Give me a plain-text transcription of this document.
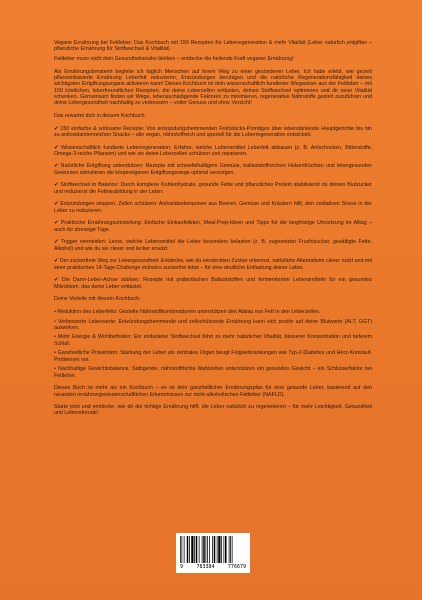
Vegane Ernährung bei Fettleber: Das Kochbuch mit 150 Rezepten für Leberregeneration & mehr Vitalität (Leber natürlich entgiften – pflanzliche Ernährung für Stoffwechsel & Vitalität)

Fettleber muss nicht dein Gesundheitsrisiko bleiben – entdecke die heilende Kraft veganer Ernährung!

Als Ernährungsberaterin begleite ich täglich Menschen auf ihrem Weg zu einer gesünderen Leber. Ich habe erlebt, wie gezielt pflanzenbasierte Ernährung Leberfett reduzieren, Entzündungen beruhigen und die natürliche Regenerationsfähigkeit deines wichtigsten Entgiftungsorgans aktivieren kann! Dieses Kochbuch ist dein wissenschaftlich fundierter Wegweiser aus der Fettleber – mit 150 köstlichen, leberfreundlichen Rezepten, die deine Leberzellen entlasten, deinen Stoffwechsel optimieren und dir neue Vitalität schenken. Gemeinsam finden wir Wege, lebensschädigende Faktoren zu minimieren, regenerative Nährstoffe gezielt zuzuführen und deine Lebergesundheit nachhaltig zu verbessern – voller Genuss und ohne Verzicht!

Das erwartet dich in diesem Kochbuch:

✔ 150 einfache & wirksame Rezepte: Von entzündungshemmenden Frühstücks-Porridges über leberstärkende Hauptgerichte bis hin zu antioxidantienreichen Snacks – alle vegan, nährstoffreich und speziell für die Leberregeneration entwickelt.

✔ Wissenschaftlich fundierte Leberregeneration: Erfahre, welche Lebensmittel Leberfett abbauen (z. B. Artischocken, Bitterstoffe, Omega-3-reiche Pflanzen) und wie sie deine Leberzellen schützen und reparieren.

✔ Natürliche Entgiftung unterstützen: Rezepte mit schwefelhaltigem Gemüse, ballaststoffreichen Hülsenfrüchten und lebergesunden Gewürzen stimulieren die körpereigenen Entgiftungswege optimal versorgen.

✔ Stoffwechsel in Balance: Durch komplexe Kohlenhydrate, gesunde Fette und pflanzliches Protein stabilisierst du deinen Blutzucker und reduzierst die Fettneubildung in der Leber.

✔ Entzündungen stoppen, Zellen schützen: Antioxidantienpower aus Beeren, Gemüse und Kräutern hilft, den oxidativen Stress in der Leber zu reduzieren.

✔ Praktische Ernährungsumstellung: Einfache Einkaufslisten, Meal-Prep-Ideen und Tipps für die langfristige Umsetzung im Alltag – auch für stressige Tage.

✔ Trigger vermeiden: Lerne, welche Lebensmittel die Leber besonders belasten (z. B. zugesetzter Fruchtzucker, gesättigte Fette, Alkohol) und wie du sie clever und lecker ersetzt.

✔ Der zuckerfreie Weg zur Lebergesundheit: Entdecke, wie du versteckten Zucker erkennst, natürliche Alternativen clever nutzt und mit einer praktischen 14-Tage Challenge mühelos zuckerfrei lebst – für eine deutliche Entlastung deiner Leber.

✔ Die Darm-Leber-Achse stärken: Rezepte mit präbiotischen Ballaststoffen und fermentierten Lebensmitteln für ein gesundes Mikrobiom, das deine Leber entlastet.

Deine Vorteile mit diesem Kochbuch:

• Reduktion des Leberfetts: Gezielte Nährstoffkombinationen unterstützen den Abbau von Fett in den Leberzellen.

• Verbesserte Leberwerte: Entzündungshemmende und zellschützende Ernährung kann sich positiv auf deine Blutwerte (ALT, GGT) auswirken.

• Mehr Energie & Wohlbefinden: Ein entlasteter Stoffwechsel führt zu mehr natürlicher Vitalität, besserer Konzentration und tieferem Schlaf.

• Ganzheitliche Prävention: Stärkung der Leber als zentrales Organ beugt Folgeerkrankungen wie Typ-2-Diabetes und Herz-Kreislauf-Problemen vor.

• Nachhaltige Gewichtsbalance: Sättigende, nährstoffdichte Mahlzeiten unterstützen ein gesundes Gewicht – ein Schlüsselfaktor bei Fettleber.

Dieses Buch ist mehr als ein Kochbuch – es ist dein ganzheitlicher Ernährungsplan für eine gesunde Leber, basierend auf den neuesten ernährungswissenschaftlichen Erkenntnissen zur nicht-alkoholischen Fettleber (NAFLD).

Starte jetzt und entdecke, wie dir die richtige Ernährung hilft, die Leber natürlich zu regenerieren – für mehr Leichtigkeit, Gesundheit und Lebensfreude!

9	783384	776679
